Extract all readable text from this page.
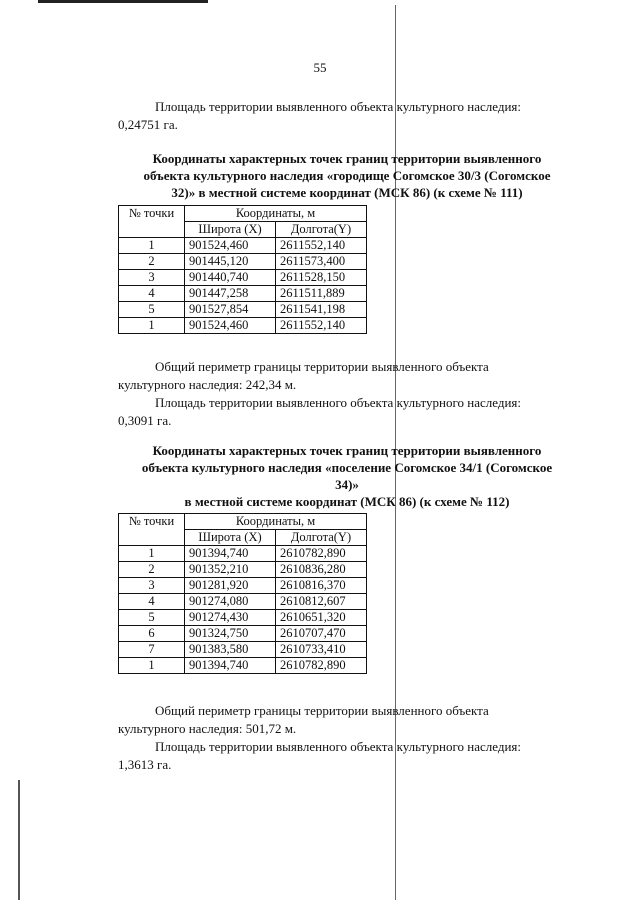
55
Площадь территории выявленного объекта культурного наследия:
0,24751 га.
Координаты характерных точек границ территории выявленного
объекта культурного наследия «городище Согомское 30/3 (Согомское
32)» в местной системе координат (МСК 86) (к схеме № 111)
№ точки	Координаты, м	
	Широта (X)	Долгота(Y)
1	901524,460	2611552,140
2	901445,120	2611573,400
3	901440,740	2611528,150
4	901447,258	2611511,889
5	901527,854	2611541,198
1	901524,460	2611552,140
Общий периметр границы территории выявленного объекта
культурного наследия: 242,34 м.
Площадь территории выявленного объекта культурного наследия:
0,3091 га.
Координаты характерных точек границ территории выявленного
объекта культурного наследия «поселение Согомское 34/1 (Согомское
34)»
в местной системе координат (МСК 86) (к схеме № 112)
№ точки	Координаты, м	
	Широта (X)	Долгота(Y)
1	901394,740	2610782,890
2	901352,210	2610836,280
3	901281,920	2610816,370
4	901274,080	2610812,607
5	901274,430	2610651,320
6	901324,750	2610707,470
7	901383,580	2610733,410
1	901394,740	2610782,890
Общий периметр границы территории выявленного объекта
культурного наследия: 501,72 м.
Площадь территории выявленного объекта культурного наследия:
1,3613 га.
